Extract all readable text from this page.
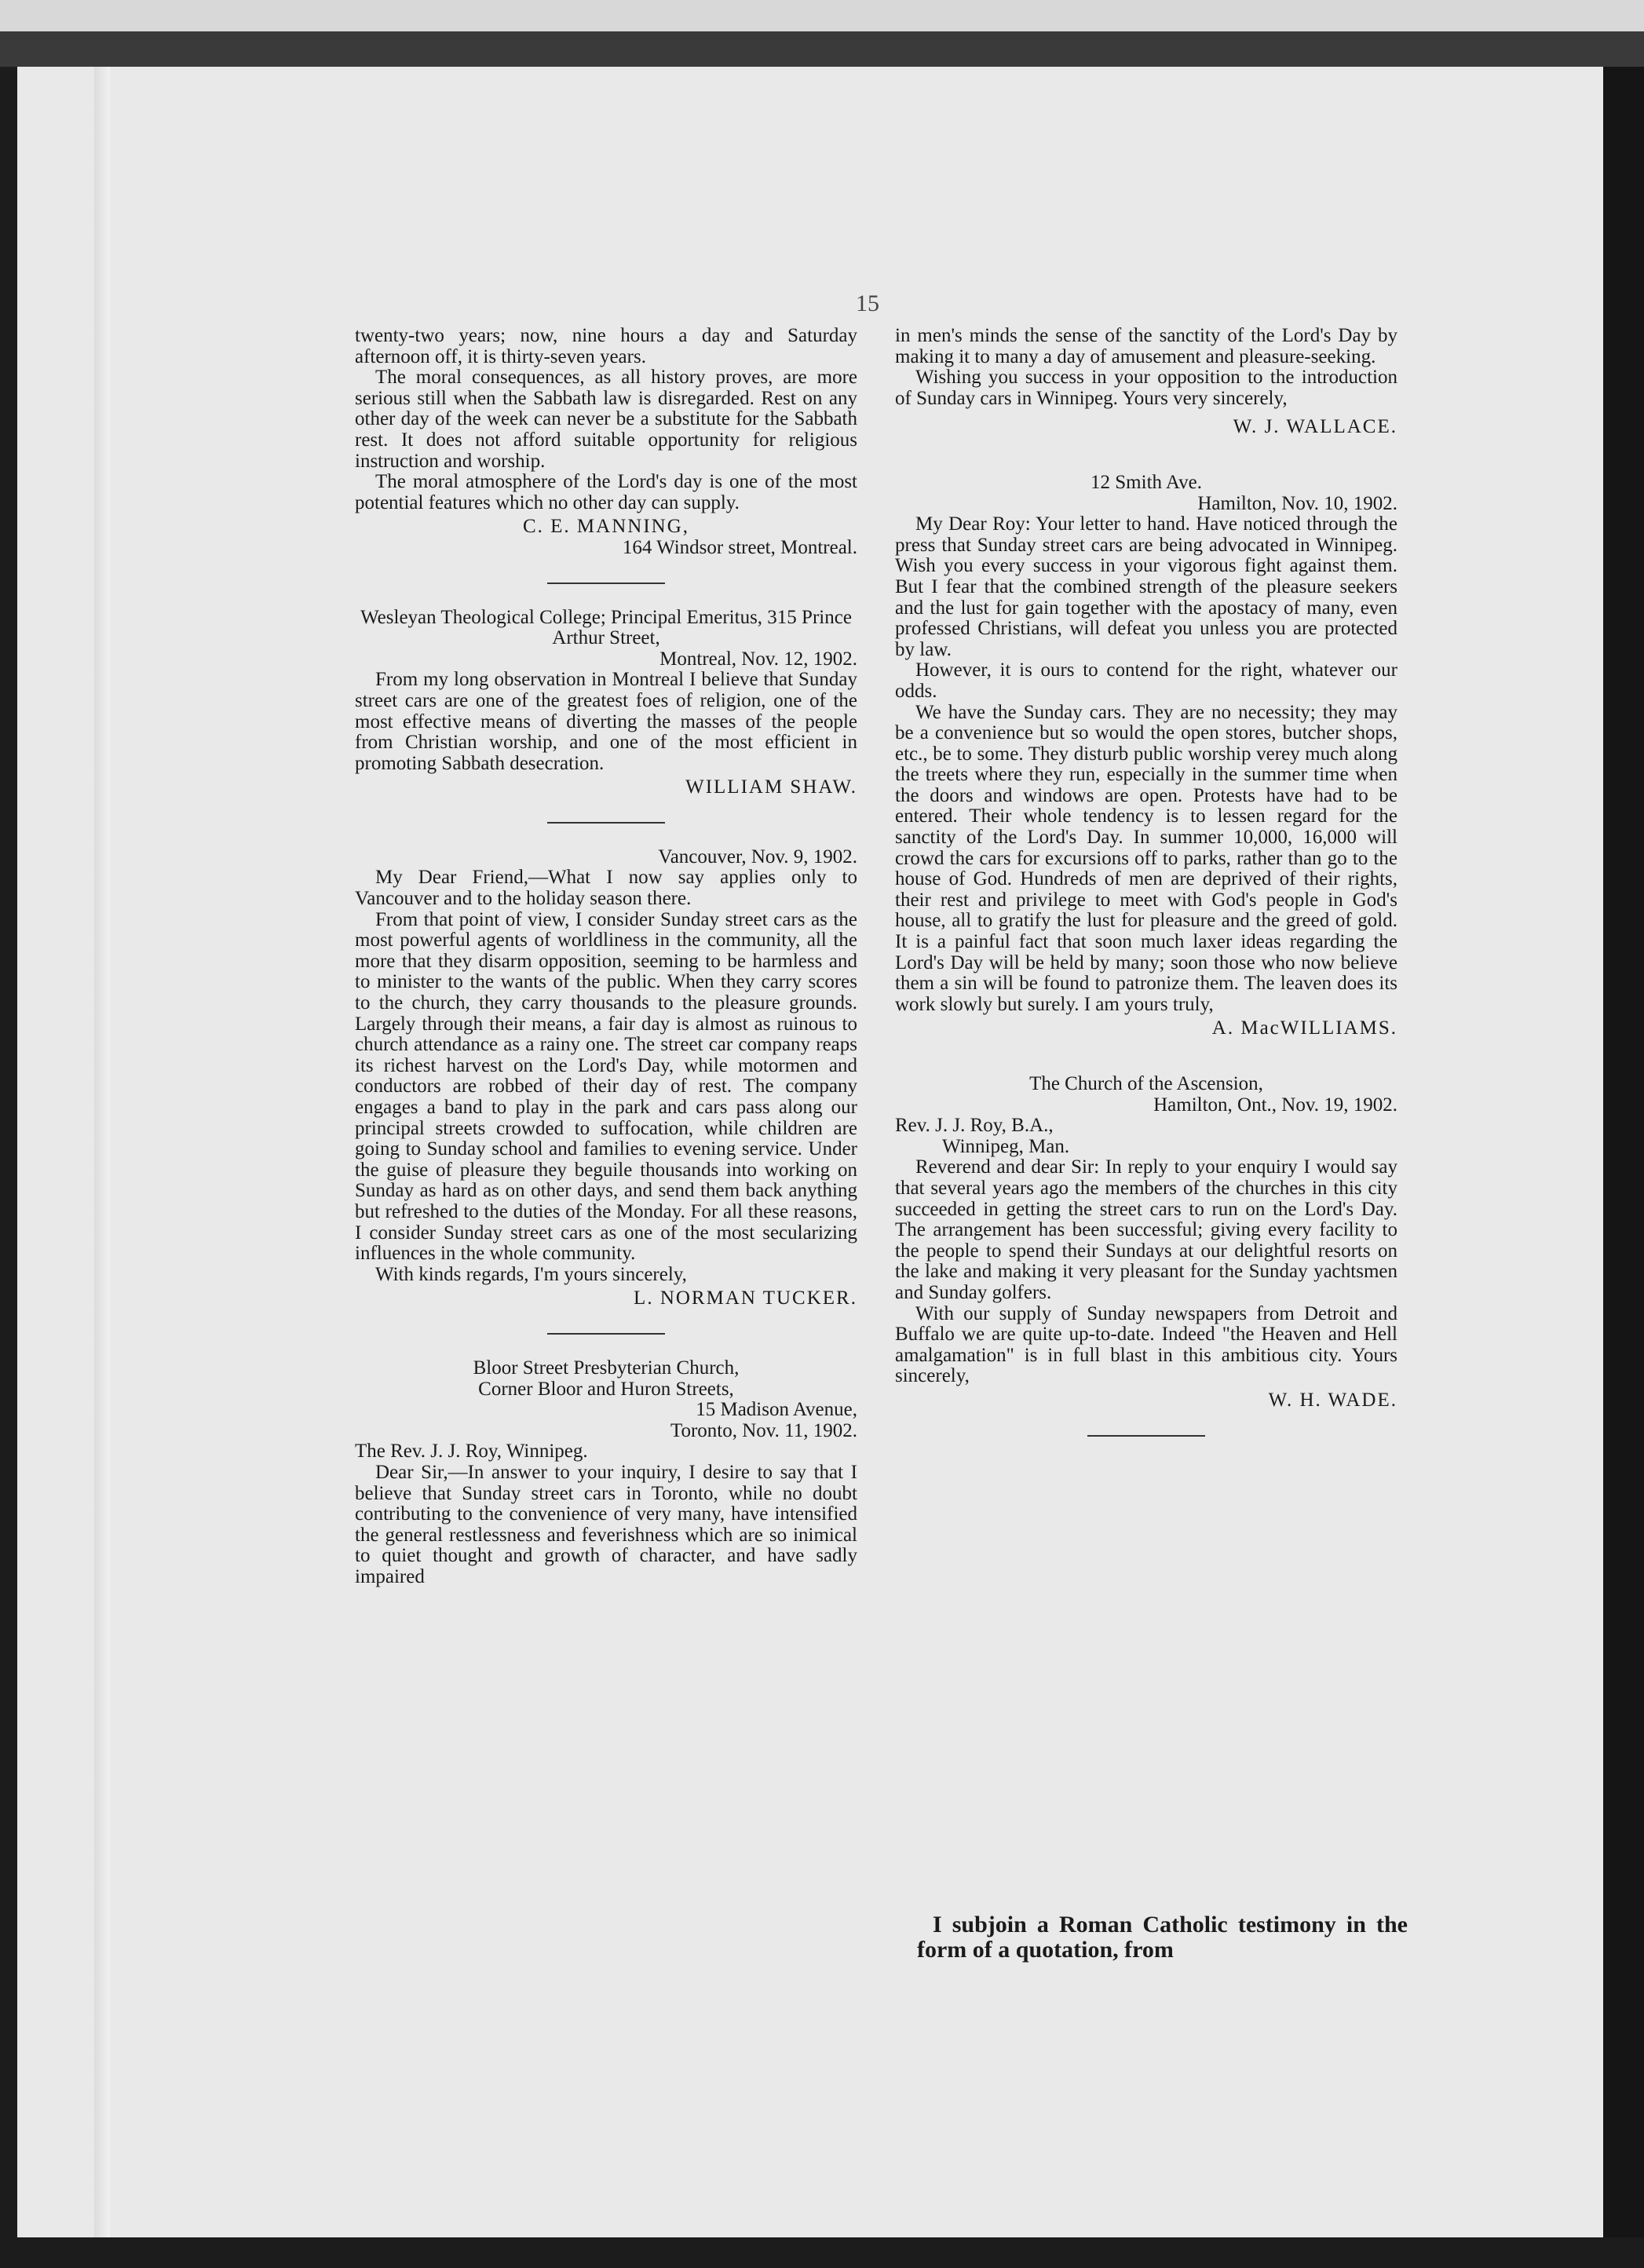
15

twenty-two years; now, nine hours a day and Saturday afternoon off, it is thirty-seven years.

The moral consequences, as all history proves, are more serious still when the Sabbath law is disregarded. Rest on any other day of the week can never be a substitute for the Sabbath rest. It does not afford suitable opportunity for religious instruction and worship.

The moral atmosphere of the Lord's day is one of the most potential features which no other day can supply.

C. E. MANNING,
164 Windsor street, Montreal.
Wesleyan Theological College; Principal Emeritus, 315 Prince Arthur Street,
Montreal, Nov. 12, 1902.

From my long observation in Montreal I believe that Sunday street cars are one of the greatest foes of religion, one of the most effective means of diverting the masses of the people from Christian worship, and one of the most efficient in promoting Sabbath desecration.

WILLIAM SHAW.
Vancouver, Nov. 9, 1902.

My Dear Friend,—What I now say applies only to Vancouver and to the holiday season there.

From that point of view, I consider Sunday street cars as the most powerful agents of worldliness in the community, all the more that they disarm opposition, seeming to be harmless and to minister to the wants of the public. When they carry scores to the church, they carry thousands to the pleasure grounds. Largely through their means, a fair day is almost as ruinous to church attendance as a rainy one. The street car company reaps its richest harvest on the Lord's Day, while motormen and conductors are robbed of their day of rest. The company engages a band to play in the park and cars pass along our principal streets crowded to suffocation, while children are going to Sunday school and families to evening service. Under the guise of pleasure they beguile thousands into working on Sunday as hard as on other days, and send them back anything but refreshed to the duties of the Monday. For all these reasons, I consider Sunday street cars as one of the most secularizing influences in the whole community.

With kinds regards, I'm yours sincerely,

L. NORMAN TUCKER.
Bloor Street Presbyterian Church,
Corner Bloor and Huron Streets,
15 Madison Avenue,
Toronto, Nov. 11, 1902.

The Rev. J. J. Roy, Winnipeg.

Dear Sir,—In answer to your inquiry, I desire to say that I believe that Sunday street cars in Toronto, while no doubt contributing to the convenience of very many, have intensified the general restlessness and feverishness which are so inimical to quiet thought and growth of character, and have sadly impaired

in men's minds the sense of the sanctity of the Lord's Day by making it to many a day of amusement and pleasure-seeking.

Wishing you success in your opposition to the introduction of Sunday cars in Winnipeg. Yours very sincerely,

W. J. WALLACE.
12 Smith Ave.
Hamilton, Nov. 10, 1902.

My Dear Roy: Your letter to hand. Have noticed through the press that Sunday street cars are being advocated in Winnipeg. Wish you every success in your vigorous fight against them. But I fear that the combined strength of the pleasure seekers and the lust for gain together with the apostacy of many, even professed Christians, will defeat you unless you are protected by law.

However, it is ours to contend for the right, whatever our odds.

We have the Sunday cars. They are no necessity; they may be a convenience but so would the open stores, butcher shops, etc., be to some. They disturb public worship verey much along the treets where they run, especially in the summer time when the doors and windows are open. Protests have had to be entered. Their whole tendency is to lessen regard for the sanctity of the Lord's Day. In summer 10,000, 16,000 will crowd the cars for excursions off to parks, rather than go to the house of God. Hundreds of men are deprived of their rights, their rest and privilege to meet with God's people in God's house, all to gratify the lust for pleasure and the greed of gold. It is a painful fact that soon much laxer ideas regarding the Lord's Day will be held by many; soon those who now believe them a sin will be found to patronize them. The leaven does its work slowly but surely. I am yours truly,

A. MacWILLIAMS.
The Church of the Ascension,
Hamilton, Ont., Nov. 19, 1902.

Rev. J. J. Roy, B.A.,

Winnipeg, Man.

Reverend and dear Sir: In reply to your enquiry I would say that several years ago the members of the churches in this city succeeded in getting the street cars to run on the Lord's Day. The arrangement has been successful; giving every facility to the people to spend their Sundays at our delightful resorts on the lake and making it very pleasant for the Sunday yachtsmen and Sunday golfers.

With our supply of Sunday newspapers from Detroit and Buffalo we are quite up-to-date. Indeed "the Heaven and Hell amalgamation" is in full blast in this ambitious city. Yours sincerely,

W. H. WADE.
I subjoin a Roman Catholic testimony in the form of a quotation, from
